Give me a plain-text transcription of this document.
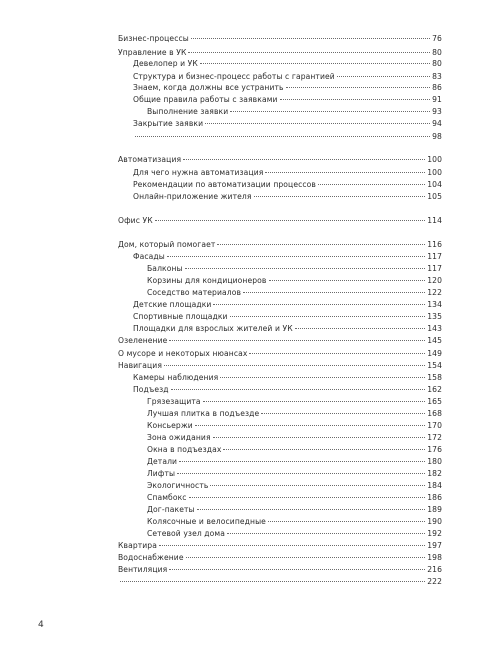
Бизнес-процессы	76
Управление в УК	80
Девелопер и УК	80
Структура и бизнес-процесс работы с гарантией	83
Знаем, когда должны все устранить	86
Общие правила работы с заявками	91
Выполнение заявки	93
Закрытие заявки	94
98
Автоматизация	100
Для чего нужна автоматизация	100
Рекомендации по автоматизации процессов	104
Онлайн-приложение жителя	105
Офис УК	114
Дом, который помогает	116
Фасады	117
Балконы	117
Корзины для кондиционеров	120
Соседство материалов	122
Детские площадки	134
Спортивные площадки	135
Площадки для взрослых жителей и УК	143
Озеленение	145
О мусоре и некоторых нюансах	149
Навигация	154
Камеры наблюдения	158
Подъезд	162
Грязезащита	165
Лучшая плитка в подъезде	168
Консьержи	170
Зона ожидания	172
Окна в подъездах	176
Детали	180
Лифты	182
Экологичность	184
Спамбокс	186
Дог-пакеты	189
Колясочные и велосипедные	190
Сетевой узел дома	192
Квартира	197
Водоснабжение	198
Вентиляция	216
222
4
